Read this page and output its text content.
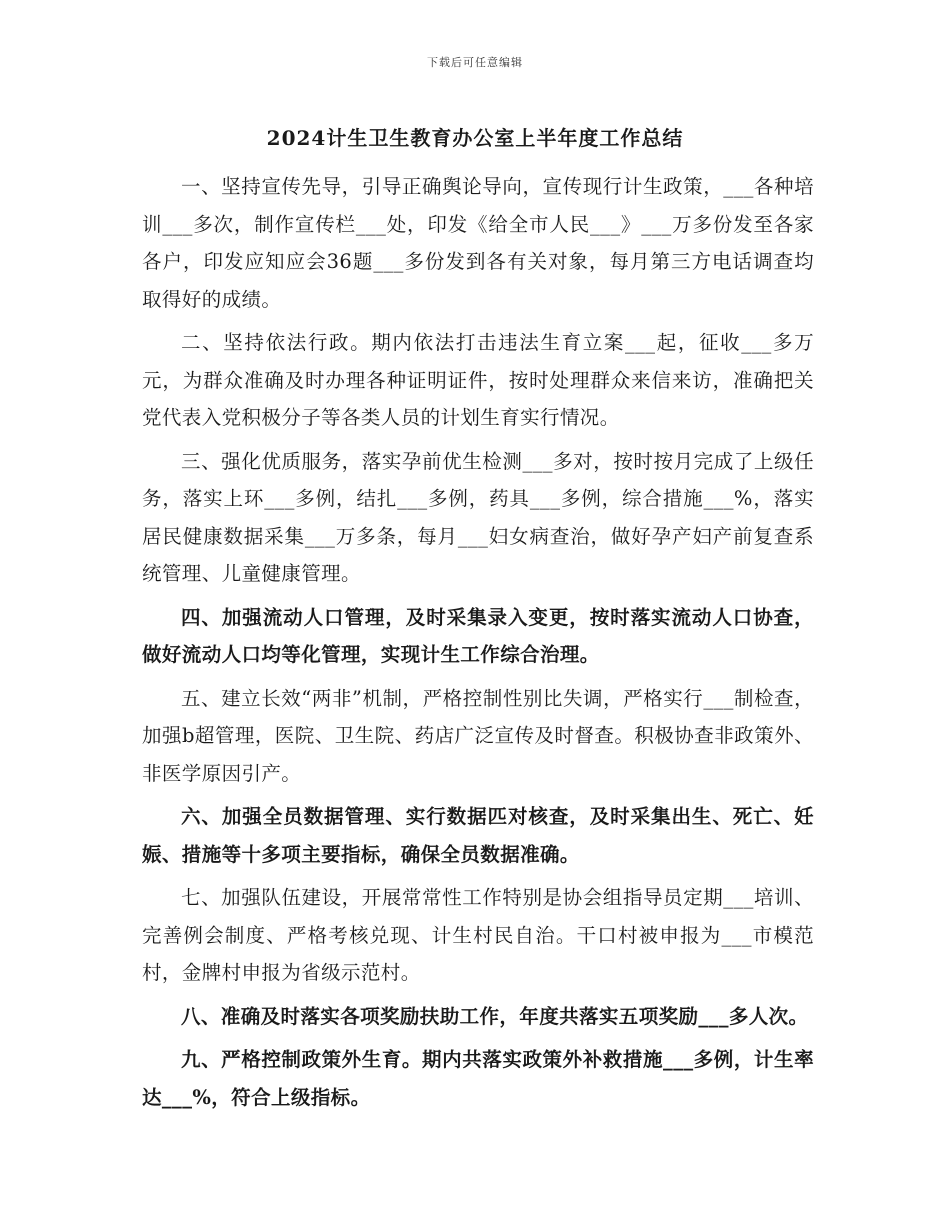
下载后可任意编辑
2024计生卫生教育办公室上半年度工作总结

一、坚持宣传先导，引导正确舆论导向，宣传现行计生政策，___各种培训___多次，制作宣传栏___处，印发《给全市人民___》___万多份发至各家各户，印发应知应会36题___多份发到各有关对象，每月第三方电话调查均取得好的成绩。

二、坚持依法行政。期内依法打击违法生育立案___起，征收___多万元，为群众准确及时办理各种证明证件，按时处理群众来信来访，准确把关党代表入党积极分子等各类人员的计划生育实行情况。

三、强化优质服务，落实孕前优生检测___多对，按时按月完成了上级任务，落实上环___多例，结扎___多例，药具___多例，综合措施___%，落实居民健康数据采集___万多条，每月___妇女病查治，做好孕产妇产前复查系统管理、儿童健康管理。

四、加强流动人口管理，及时采集录入变更，按时落实流动人口协查，做好流动人口均等化管理，实现计生工作综合治理。

五、建立长效“两非”机制，严格控制性别比失调，严格实行___制检查，加强b超管理，医院、卫生院、药店广泛宣传及时督查。积极协查非政策外、非医学原因引产。

六、加强全员数据管理、实行数据匹对核查，及时采集出生、死亡、妊娠、措施等十多项主要指标，确保全员数据准确。

七、加强队伍建设，开展常常性工作特别是协会组指导员定期___培训、完善例会制度、严格考核兑现、计生村民自治。干口村被申报为___市模范村，金牌村申报为省级示范村。

八、准确及时落实各项奖励扶助工作，年度共落实五项奖励___多人次。

九、严格控制政策外生育。期内共落实政策外补救措施___多例，计生率达___%，符合上级指标。
